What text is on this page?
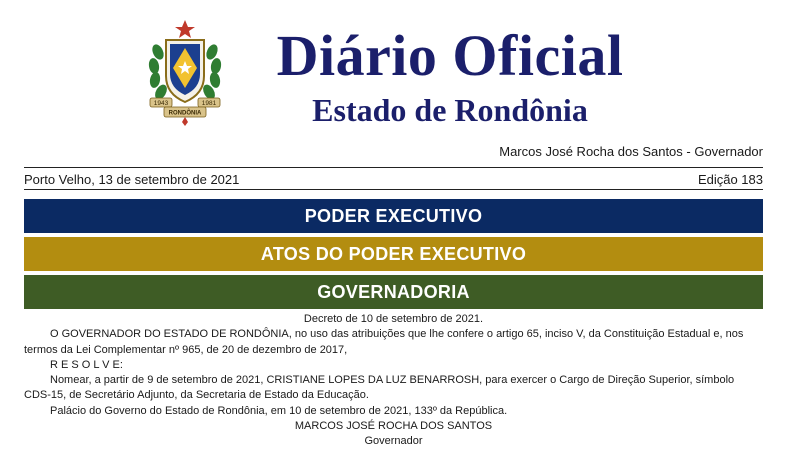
1943	1981
RONDÔNIA
Diário Oficial
Estado de Rondônia
Marcos José Rocha dos Santos - Governador
Porto Velho, 13 de setembro de 2021	Edição 183
PODER EXECUTIVO
ATOS DO PODER EXECUTIVO
GOVERNADORIA

Decreto de 10 de setembro de 2021.

O GOVERNADOR DO ESTADO DE RONDÔNIA, no uso das atribuições que lhe confere o artigo 65, inciso V, da Constituição Estadual e, nos termos da Lei Complementar nº 965, de 20 de dezembro de 2017,

R E S O L V E:

Nomear, a partir de 9 de setembro de 2021, CRISTIANE LOPES DA LUZ BENARROSH, para exercer o Cargo de Direção Superior, símbolo CDS-15, de Secretário Adjunto, da Secretaria de Estado da Educação.

Palácio do Governo do Estado de Rondônia, em 10 de setembro de 2021, 133º da República.

MARCOS JOSÉ ROCHA DOS SANTOS

Governador
